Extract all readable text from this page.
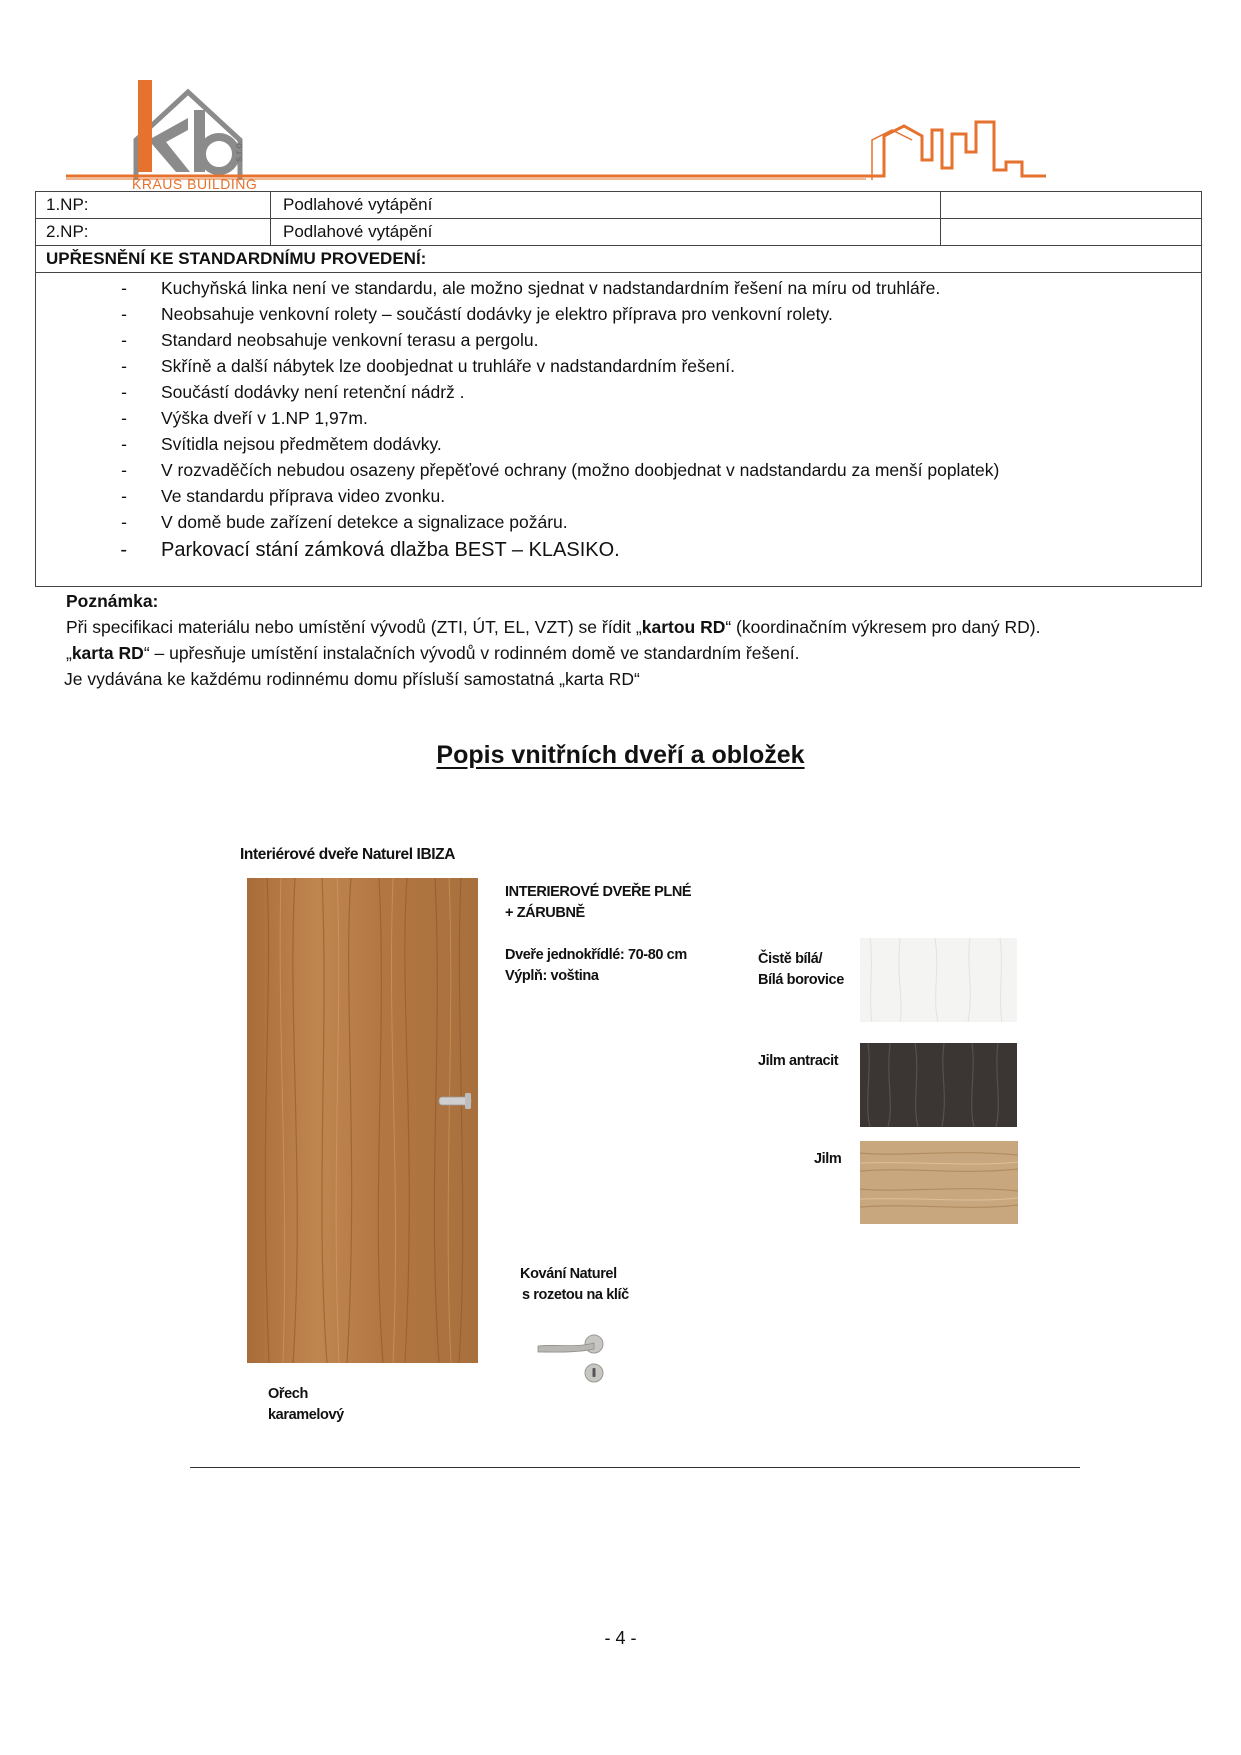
s.r.o.
KRAUS BUILDING
1.NP:	Podlahové vytápění
2.NP:	Podlahové vytápění
UPŘESNĚNÍ KE STANDARDNÍMU PROVEDENÍ:
-	Kuchyňská linka není ve standardu, ale možno sjednat v nadstandardním řešení na míru od truhláře.
-	Neobsahuje venkovní rolety – součástí dodávky je elektro příprava pro venkovní rolety.
-	Standard neobsahuje venkovní terasu a pergolu.
-	Skříně a další nábytek lze doobjednat u truhláře v nadstandardním řešení.
-	Součástí dodávky není retenční nádrž .
-	Výška dveří v 1.NP 1,97m.
-	Svítidla nejsou předmětem dodávky.
-	V rozvaděčích nebudou osazeny přepěťové ochrany (možno doobjednat v nadstandardu za menší poplatek)
-	Ve standardu příprava video zvonku.
-	V domě bude zařízení detekce a signalizace požáru.
-	Parkovací stání zámková dlažba BEST – KLASIKO.
Poznámka:
Při specifikaci materiálu nebo umístění vývodů (ZTI, ÚT, EL, VZT) se řídit „kartou RD“ (koordinačním výkresem pro daný RD).
„karta RD“ – upřesňuje umístění instalačních vývodů v rodinném domě ve standardním řešení.
Je vydávána ke každému rodinnému domu přísluší samostatná „karta RD“
Popis vnitřních dveří a obložek
Interiérové dveře Naturel IBIZA
Ořech
karamelový
INTERIEROVÉ DVEŘE PLNÉ
+ ZÁRUBNĚ
Dveře jednokřídlé: 70-80 cm
Výplň: voština
Čistě bílá/
Bílá borovice
Jilm antracit
Jilm
Kování Naturel
s rozetou na klíč
- 4 -
